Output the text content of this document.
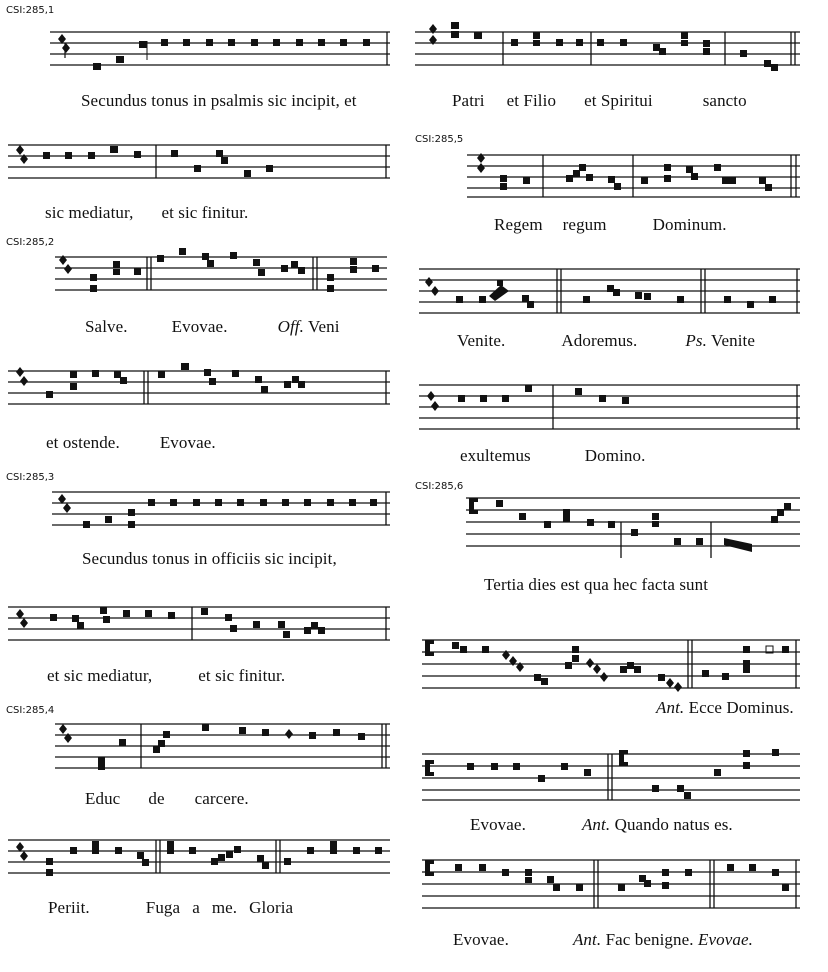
CSI:285,1
Secundus tonus in psalmis sic incipit, et
sic mediatur, et sic finitur.
CSI:285,2
Salve.	Evovae.	Off. Veni
et ostende. Evovae.
CSI:285,3
Secundus tonus in officiis sic incipit,
et sic mediatur,	et sic finitur.
CSI:285,4
Educ de carcere.
Periit.	Fuga a me. Gloria
Patri et Filio et Spiritui	sancto
CSI:285,5
Regem regum	Dominum.
Venite.	Adoremus.	Ps. Venite
exultemus	Domino.
CSI:285,6
Tertia dies est qua hec facta sunt
Ant. Ecce Dominus.
Evovae.	Ant. Quando natus es.
Evovae.	Ant. Fac benigne. Evovae.
